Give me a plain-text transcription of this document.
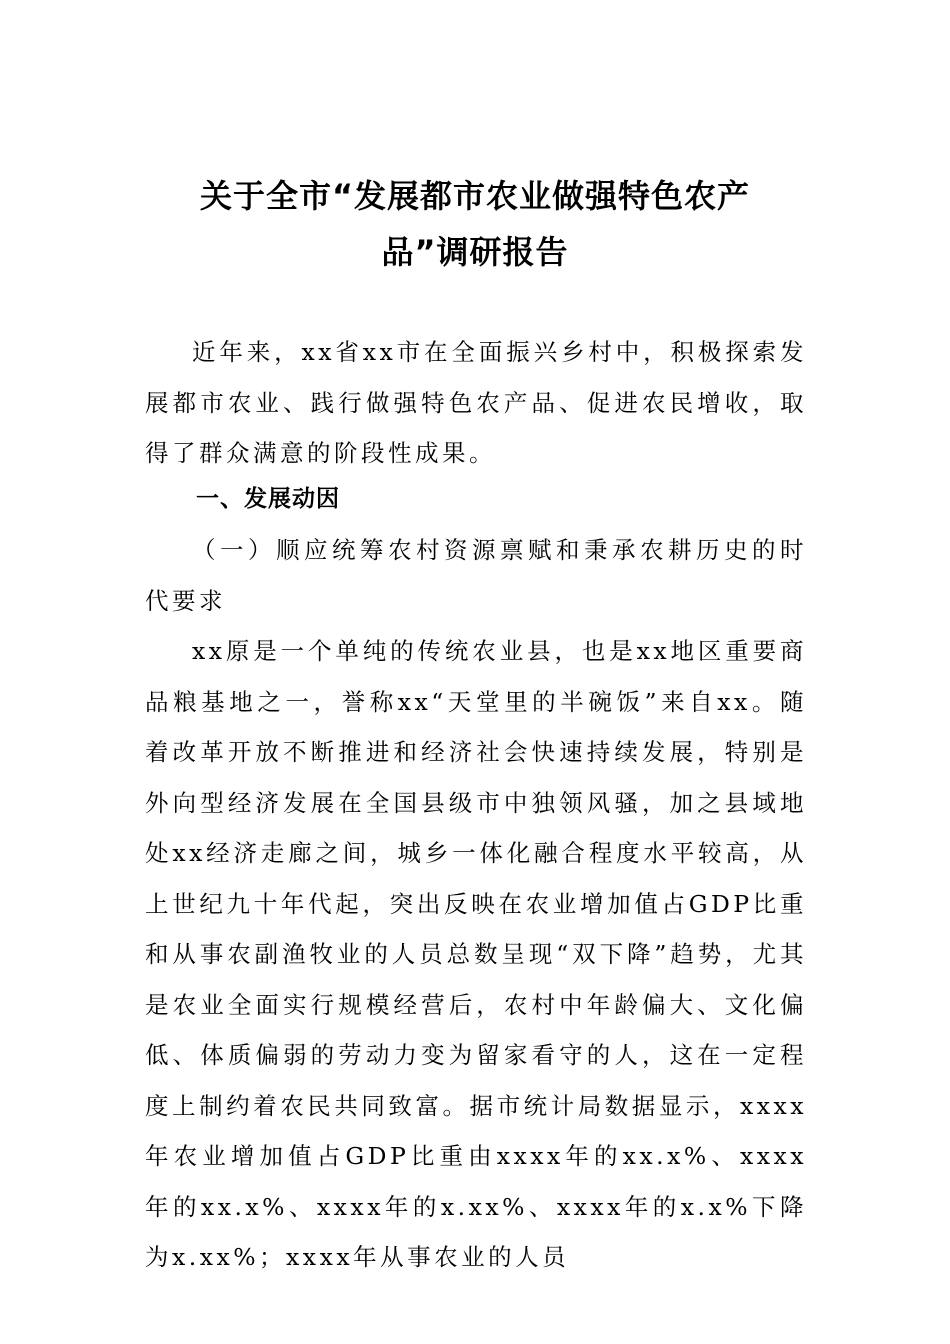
关于全市“发展都市农业做强特色农产
品”调研报告

近年来，xx省xx市在全面振兴乡村中，积极探索发展都市农业、践行做强特色农产品、促进农民增收，取得了群众满意的阶段性成果。

一、发展动因

（一）顺应统筹农村资源禀赋和秉承农耕历史的时代要求

xx原是一个单纯的传统农业县，也是xx地区重要商品粮基地之一，誉称xx“天堂里的半碗饭”来自xx。随着改革开放不断推进和经济社会快速持续发展，特别是外向型经济发展在全国县级市中独领风骚，加之县域地处xx经济走廊之间，城乡一体化融合程度水平较高，从上世纪九十年代起，突出反映在农业增加值占GDP比重和从事农副渔牧业的人员总数呈现“双下降”趋势，尤其是农业全面实行规模经营后，农村中年龄偏大、文化偏低、体质偏弱的劳动力变为留家看守的人，这在一定程度上制约着农民共同致富。据市统计局数据显示，xxxx年农业增加值占GDP比重由xxxx年的xx.x%、xxxx年的xx.x%、xxxx年的x.xx%、xxxx年的x.x%下降为x.xx%；xxxx年从事农业的人员
